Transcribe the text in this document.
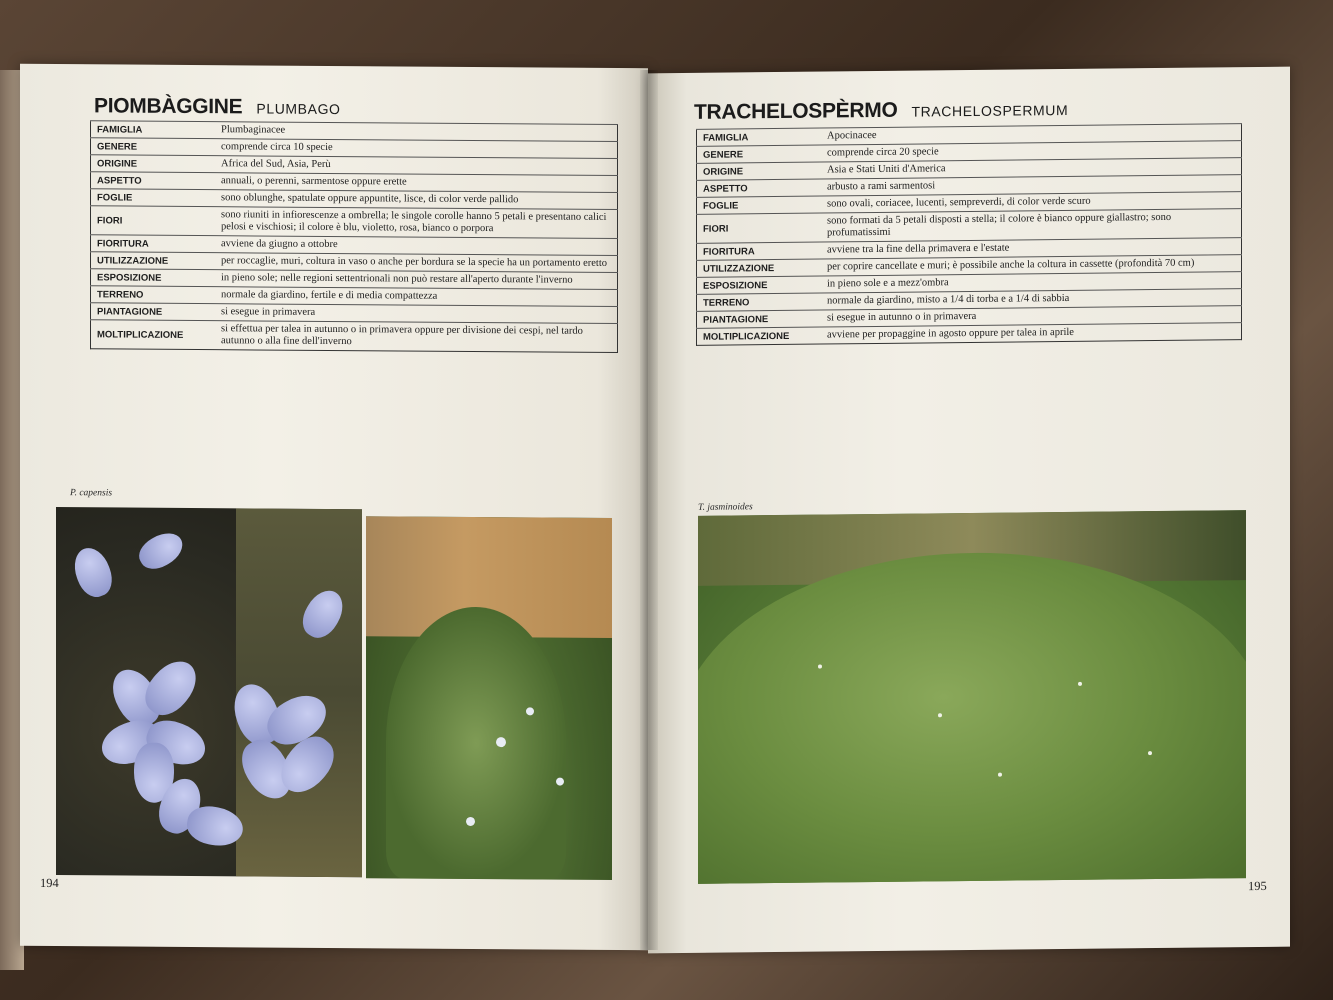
PIOMBÀGGINE PLUMBAGO
FAMIGLIA	Plumbaginacee
GENERE	comprende circa 10 specie
ORIGINE	Africa del Sud, Asia, Perù
ASPETTO	annuali, o perenni, sarmentose oppure erette
FOGLIE	sono oblunghe, spatulate oppure appuntite, lisce, di color verde pallido
FIORI	sono riuniti in infiorescenze a ombrella; le singole corolle hanno 5 petali e presentano calici pelosi e vischiosi; il colore è blu, violetto, rosa, bianco o porpora
FIORITURA	avviene da giugno a ottobre
UTILIZZAZIONE	per roccaglie, muri, coltura in vaso o anche per bordura se la specie ha un portamento eretto
ESPOSIZIONE	in pieno sole; nelle regioni settentrionali non può restare all'aperto durante l'inverno
TERRENO	normale da giardino, fertile e di media compattezza
PIANTAGIONE	si esegue in primavera
MOLTIPLICAZIONE	si effettua per talea in autunno o in primavera oppure per divisione dei cespi, nel tardo autunno o alla fine dell'inverno
P. capensis
194
TRACHELOSPÈRMO TRACHELOSPERMUM
FAMIGLIA	Apocinacee
GENERE	comprende circa 20 specie
ORIGINE	Asia e Stati Uniti d'America
ASPETTO	arbusto a rami sarmentosi
FOGLIE	sono ovali, coriacee, lucenti, sempreverdi, di color verde scuro
FIORI	sono formati da 5 petali disposti a stella; il colore è bianco oppure giallastro; sono profumatissimi
FIORITURA	avviene tra la fine della primavera e l'estate
UTILIZZAZIONE	per coprire cancellate e muri; è possibile anche la coltura in cassette (profondità 70 cm)
ESPOSIZIONE	in pieno sole e a mezz'ombra
TERRENO	normale da giardino, misto a 1/4 di torba e a 1/4 di sabbia
PIANTAGIONE	si esegue in autunno o in primavera
MOLTIPLICAZIONE	avviene per propaggine in agosto oppure per talea in aprile
T. jasminoides
195
